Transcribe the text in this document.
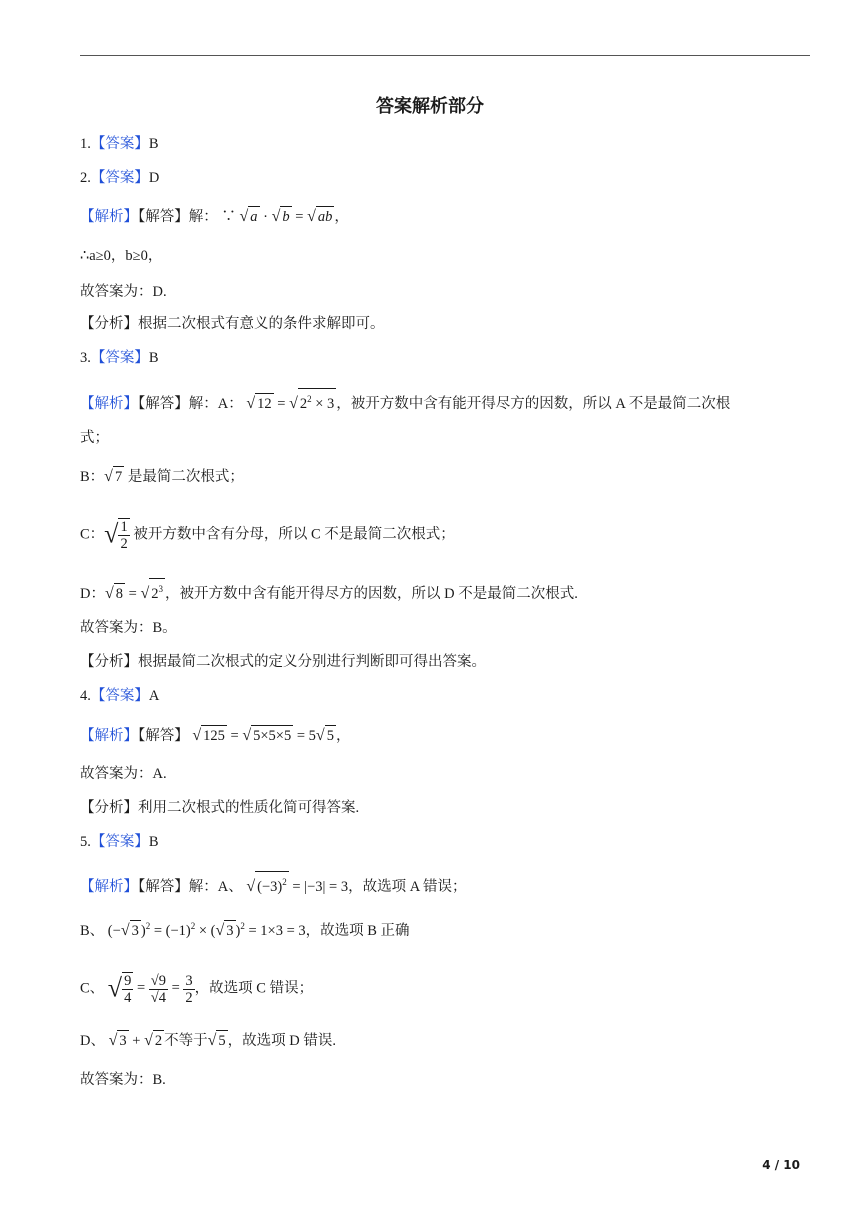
答案解析部分
1.【答案】B
2.【答案】D
【解析】【解答】解： ∵ √ a · √ b = √ ab ，
∴a≥0，b≥0，
故答案为：D.
【分析】根据二次根式有意义的条件求解即可。
3.【答案】B
【解析】【解答】解：A： √ 12 = √ $2^2 \times 3$ ，被开方数中含有能开得尽方的因数，所以 A 不是最简二次根
式；
B：√ 7 是最简二次根式；
C：√ $\frac{1}{2}$ 被开方数中含有分母，所以 C 不是最简二次根式；
D：√ 8 = √ $2^3$ ，被开方数中含有能开得尽方的因数，所以 D 不是最简二次根式.
故答案为：B。
【分析】根据最简二次根式的定义分别进行判断即可得出答案。
4.【答案】A
【解析】【解答】 √ 125 = √ 5×5×5 = 5√ 5 ，
故答案为：A.
【分析】利用二次根式的性质化简可得答案.
5.【答案】B
【解析】【解答】解：A、 √ $(-3)^2 = |-3| = 3$，故选项 A 错误；
B、 (−√ 3 )$^2 = (-1)^2$ × (√ 3 )$^2$ = 1×3 = 3，故选项 B 正确
C、 √ $\frac{9}{4} = \frac{√9}{√4} = \frac{3}{2}$ ，故选项 C 错误；
D、 √ 3 + √ 2 不等于√ 5 ，故选项 D 错误.
故答案为：B.
4 / 10
